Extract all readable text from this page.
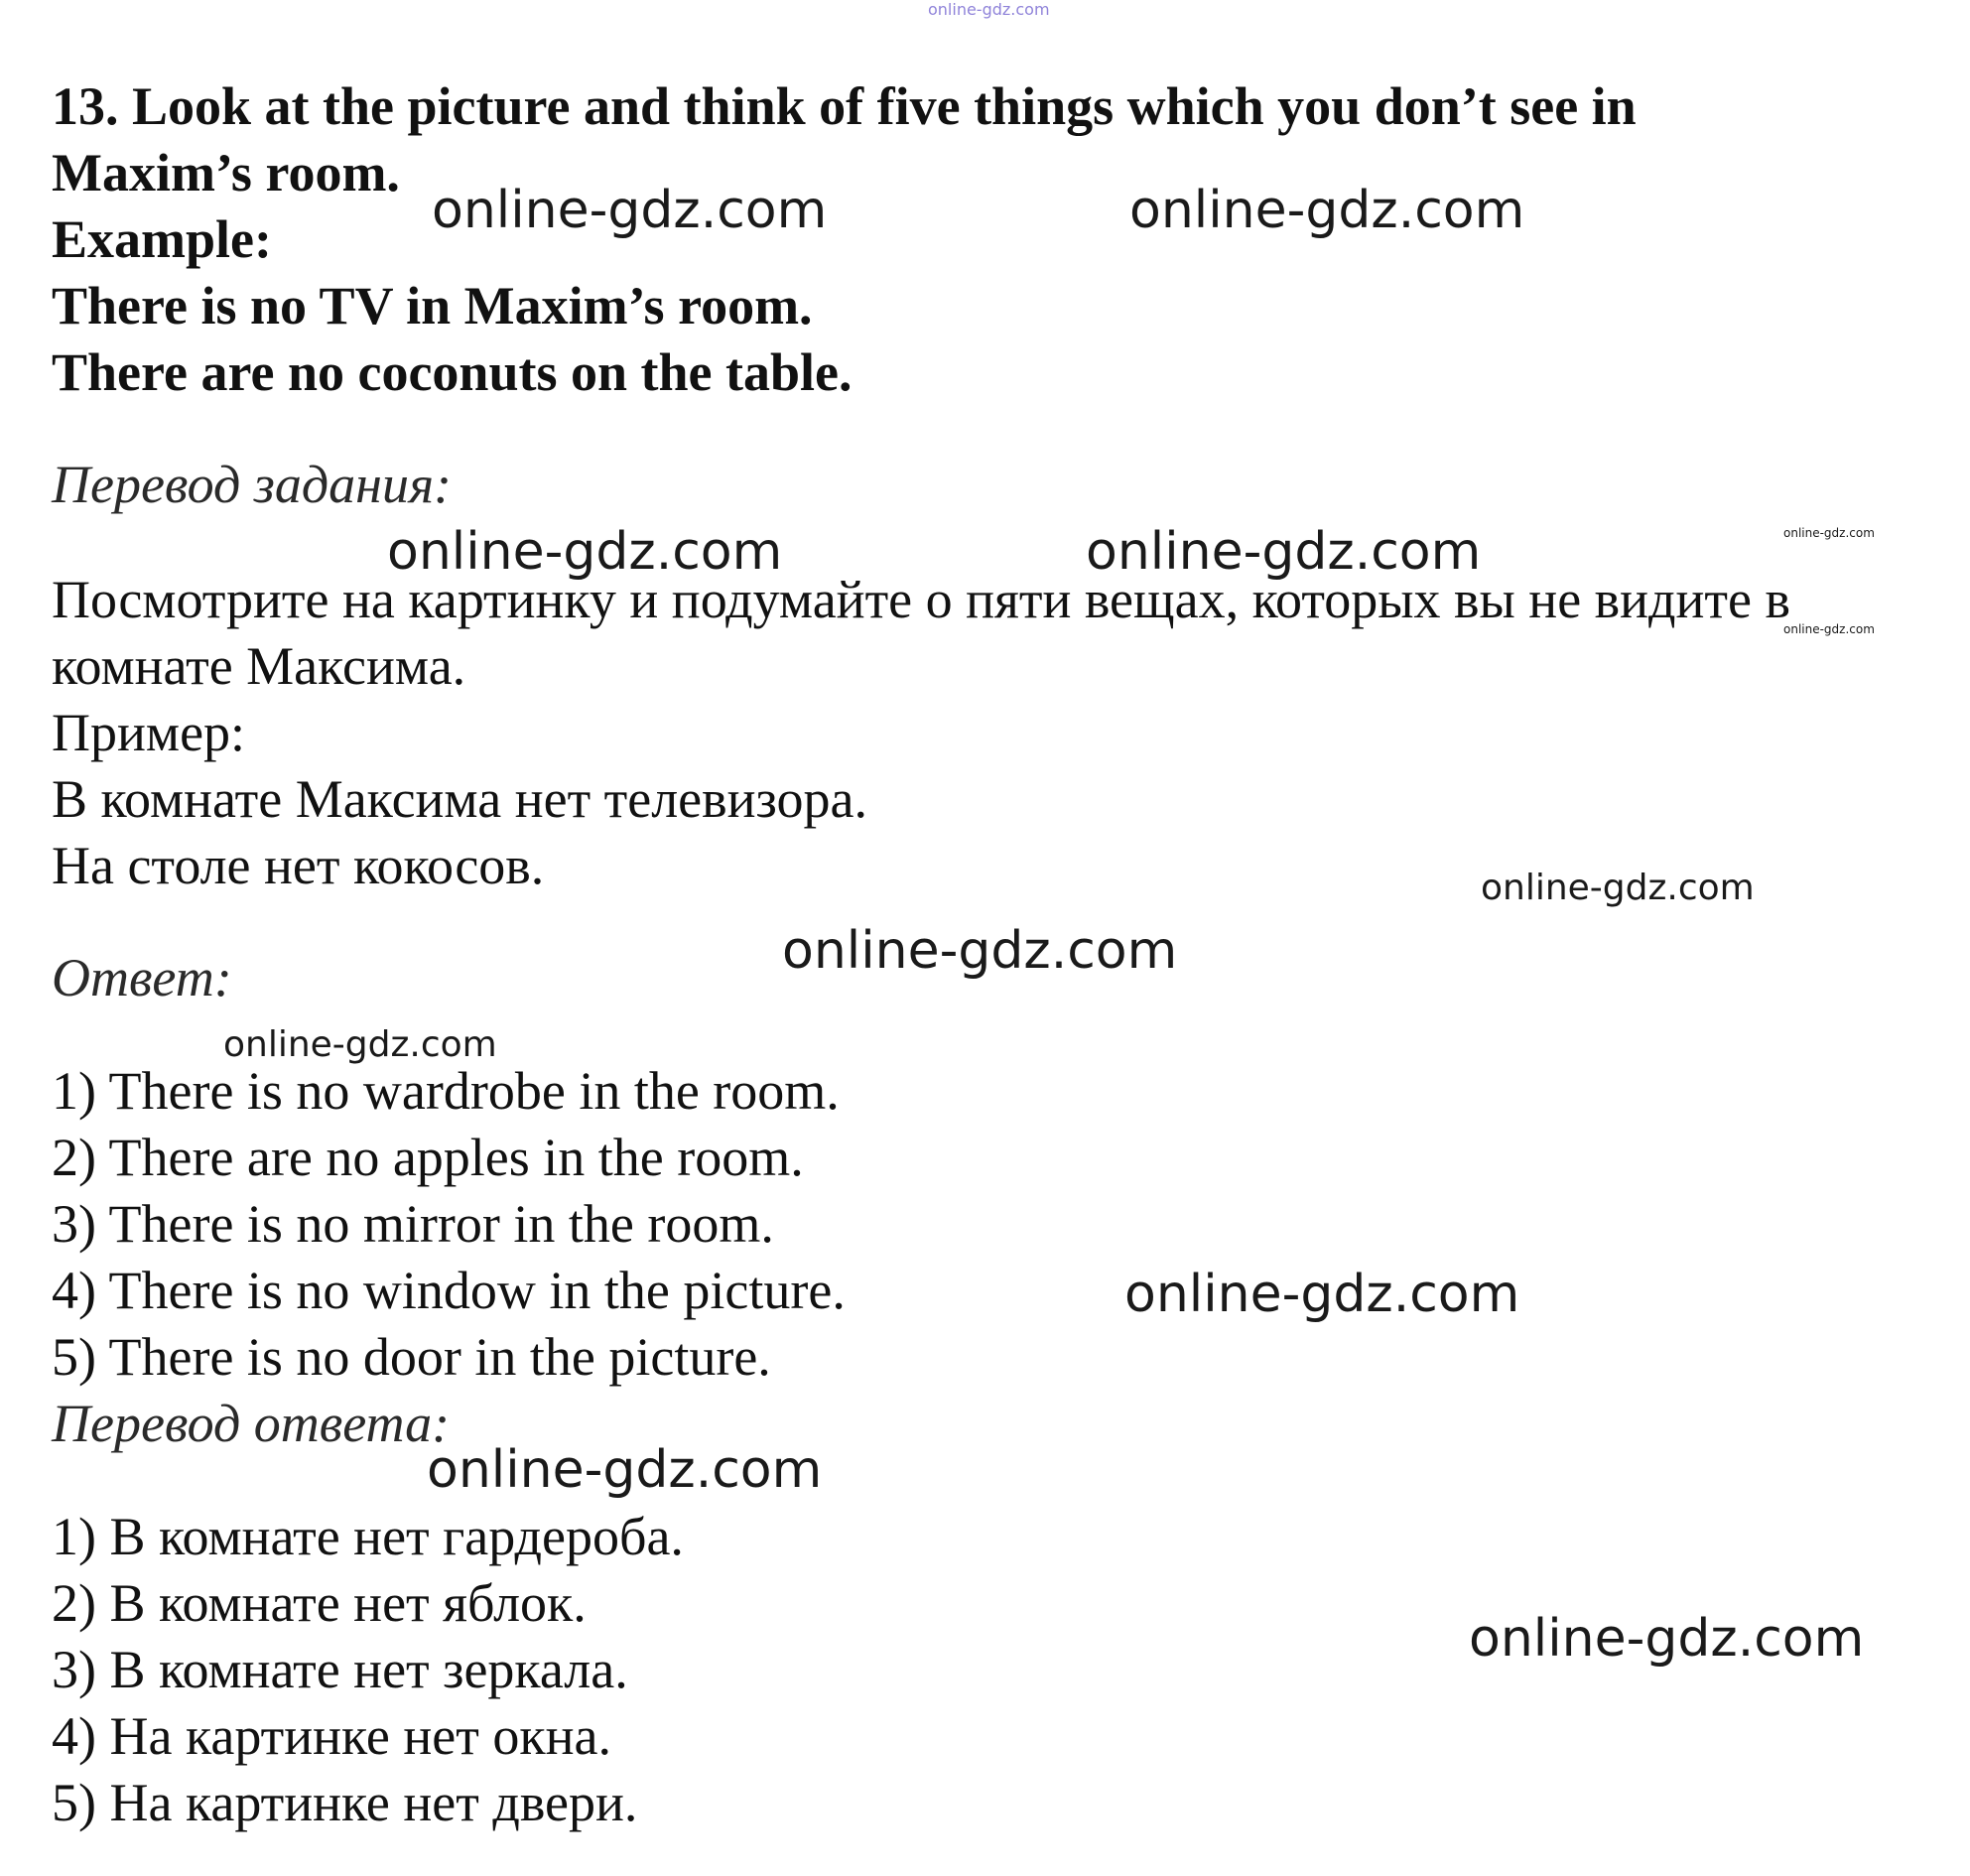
online-gdz.com
online-gdz.com	online-gdz.com
online-gdz.com	online-gdz.com	online-gdz.com
online-gdz.com
online-gdz.com
online-gdz.com
online-gdz.com
online-gdz.com
online-gdz.com
online-gdz.com
13. Look at the picture and think of five things which you don’t see in
Maxim’s room.
Example:
There is no TV in Maxim’s room.
There are no coconuts on the table.
Перевод задания:
Посмотрите на картинку и подумайте о пяти вещах, которых вы не видите в
комнате Максима.
Пример:
В комнате Максима нет телевизора.
На столе нет кокосов.
Ответ:
1) There is no wardrobe in the room.
2) There are no apples in the room.
3) There is no mirror in the room.
4) There is no window in the picture.
5) There is no door in the picture.
Перевод ответа:
1) В комнате нет гардероба.
2) В комнате нет яблок.
3) В комнате нет зеркала.
4) На картинке нет окна.
5) На картинке нет двери.
